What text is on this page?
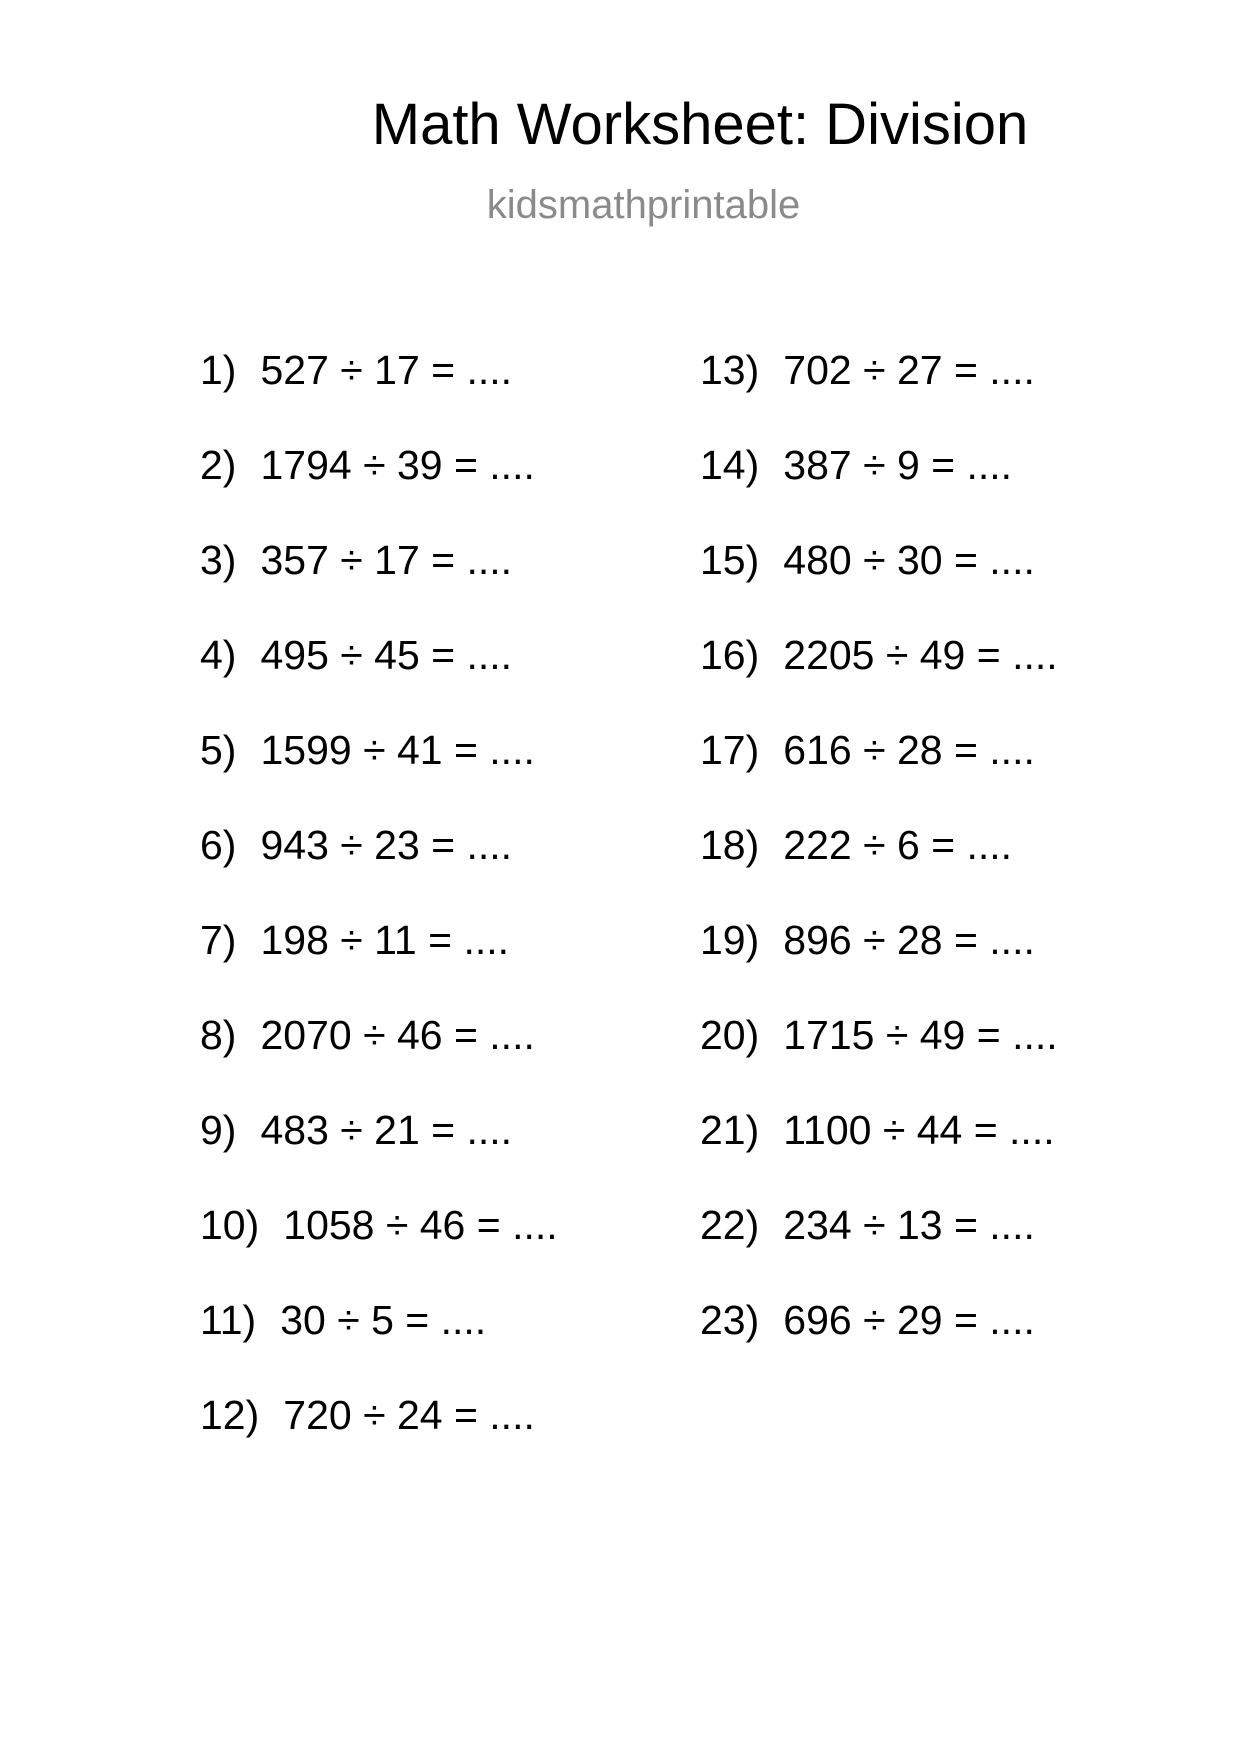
Math Worksheet: Division
kidsmathprintable
1) 527 ÷ 17 = ....
2) 1794 ÷ 39 = ....
3) 357 ÷ 17 = ....
4) 495 ÷ 45 = ....
5) 1599 ÷ 41 = ....
6) 943 ÷ 23 = ....
7) 198 ÷ 11 = ....
8) 2070 ÷ 46 = ....
9) 483 ÷ 21 = ....
10) 1058 ÷ 46 = ....
11) 30 ÷ 5 = ....
12) 720 ÷ 24 = ....
13) 702 ÷ 27 = ....
14) 387 ÷ 9 = ....
15) 480 ÷ 30 = ....
16) 2205 ÷ 49 = ....
17) 616 ÷ 28 = ....
18) 222 ÷ 6 = ....
19) 896 ÷ 28 = ....
20) 1715 ÷ 49 = ....
21) 1100 ÷ 44 = ....
22) 234 ÷ 13 = ....
23) 696 ÷ 29 = ....
